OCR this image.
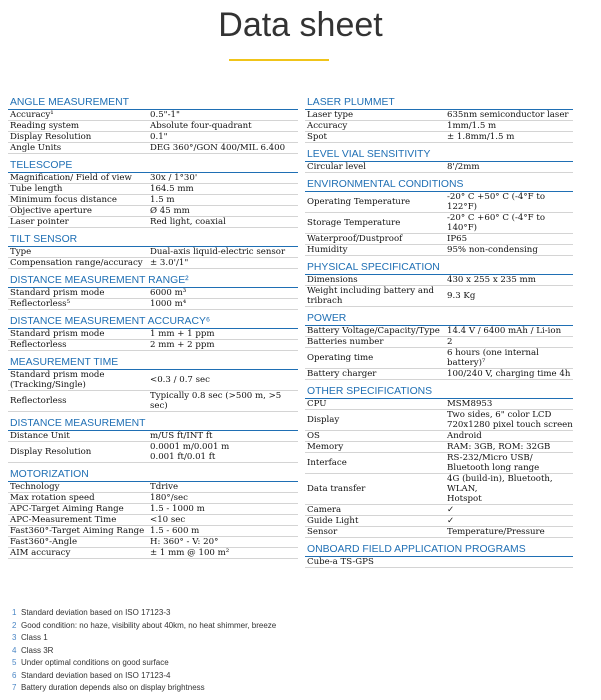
Data sheet
ANGLE MEASUREMENT
Accuracy¹	0.5"-1"
Reading system	Absolute four-quadrant
Display Resolution	0.1"
Angle Units	DEG 360°/GON 400/MIL 6.400
TELESCOPE
Magnification/ Field of view	30x / 1°30'
Tube length	164.5 mm
Minimum focus distance	1.5 m
Objective aperture	Ø 45 mm
Laser pointer	Red light, coaxial
TILT SENSOR
Type	Dual-axis liquid-electric sensor
Compensation range/accuracy	± 3.0'/1"
DISTANCE MEASUREMENT RANGE²
Standard prism mode	6000 m³
Reflectorless⁵	1000 m⁴
DISTANCE MEASUREMENT ACCURACY⁶
Standard prism mode	1 mm + 1 ppm
Reflectorless	2 mm + 2 ppm
MEASUREMENT TIME
Standard prism mode
(Tracking/Single)	<0.3 / 0.7 sec
Reflectorless	Typically 0.8 sec (>500 m, >5 sec)
DISTANCE MEASUREMENT
Distance Unit	m/US ft/INT ft
Display Resolution	0.0001 m/0.001 m
0.001 ft/0.01 ft
MOTORIZATION
Technology	Tdrive
Max rotation speed	180°/sec
APC-Target Aiming Range	1.5 - 1000 m
APC-Measurement Time	<10 sec
Fast360°-Target Aiming Range	1.5 - 600 m
Fast360°-Angle	H: 360° - V: 20°
AIM accuracy	± 1 mm @ 100 m²
LASER PLUMMET
Laser type	635nm semiconductor laser
Accuracy	1mm/1.5 m
Spot	± 1.8mm/1.5 m
LEVEL VIAL SENSITIVITY
Circular level	8'/2mm
ENVIRONMENTAL CONDITIONS
Operating Temperature	-20° C +50° C (-4°F to 122°F)
Storage Temperature	-20° C +60° C (-4°F to 140°F)
Waterproof/Dustproof	IP65
Humidity	95% non-condensing
PHYSICAL SPECIFICATION
Dimensions	430 x 255 x 235 mm
Weight including battery and
tribrach	9.3 Kg
POWER
Battery Voltage/Capacity/Type	14.4 V / 6400 mAh / Li-ion
Batteries number	2
Operating time	6 hours (one internal battery)⁷
Battery charger	100/240 V, charging time 4h
OTHER SPECIFICATIONS
CPU	MSM8953
Display	Two sides, 6" color LCD
720x1280 pixel touch screen
OS	Android
Memory	RAM: 3GB, ROM: 32GB
Interface	RS-232/Micro USB/
Bluetooth long range
Data transfer	4G (build-in), Bluetooth, WLAN,
Hotspot
Camera	✓
Guide Light	✓
Sensor	Temperature/Pressure
ONBOARD FIELD APPLICATION PROGRAMS
Cube-a TS-GPS	
1 Standard deviation based on ISO 17123-3
2 Good condition: no haze, visibility about 40km, no heat shimmer, breeze
3 Class 1
4 Class 3R
5 Under optimal conditions on good surface
6 Standard deviation based on ISO 17123-4
7 Battery duration depends also on display brightness
